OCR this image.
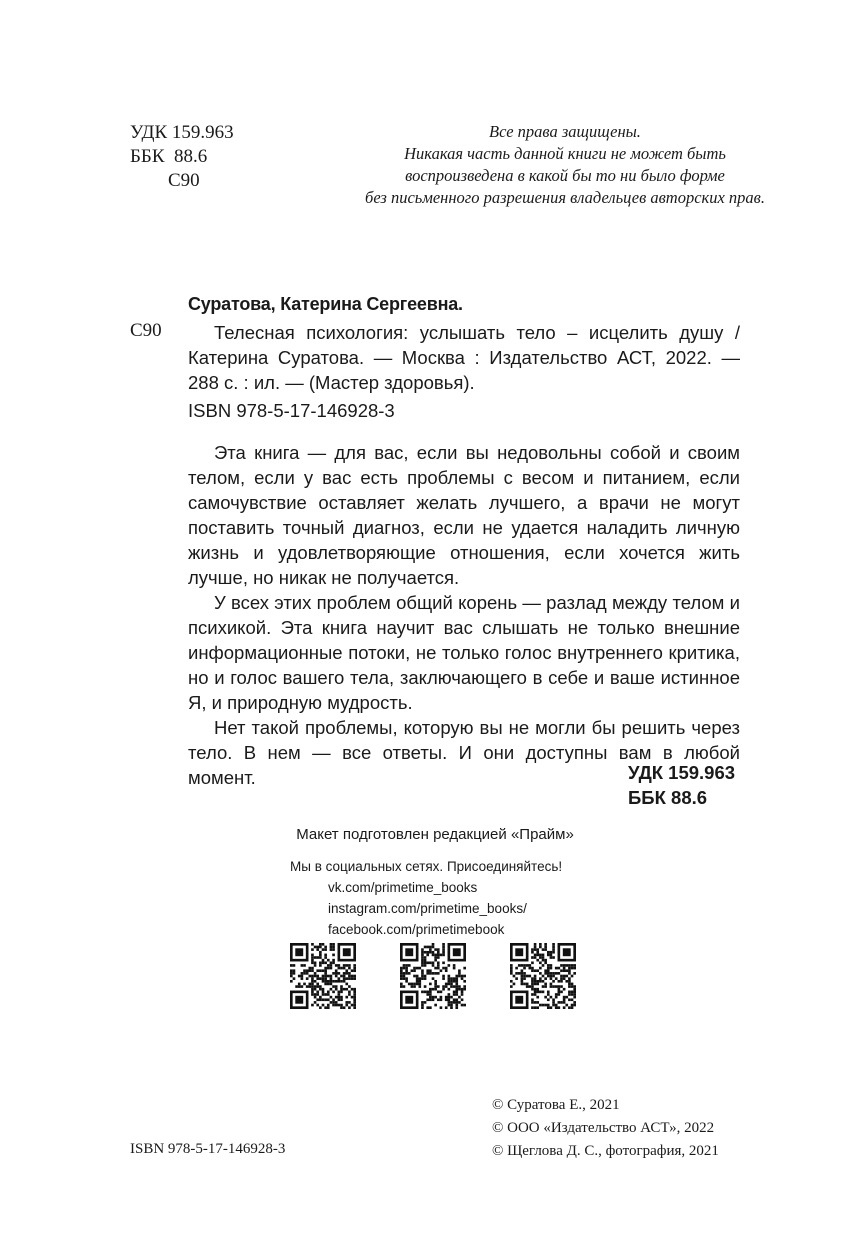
УДК 159.963
ББК  88.6
С90
Все права защищены.
Никакая часть данной книги не может быть
воспроизведена в какой бы то ни было форме
без письменного разрешения владельцев авторских прав.
Суратова, Катерина Сергеевна.
С90	Телесная психология: услышать тело – исцелить душу / Катерина Суратова. — Москва : Издательство АСТ, 2022. — 288 с. : ил. — (Мастер здоровья).

ISBN 978-5-17-146928-3

Эта книга — для вас, если вы недовольны собой и своим телом, если у вас есть проблемы с весом и питанием, если самочувствие оставляет желать лучшего, а врачи не могут поставить точный диагноз, если не удается наладить личную жизнь и удовлетворяющие отношения, если хочется жить лучше, но никак не получается.

У всех этих проблем общий корень — разлад между телом и психикой. Эта книга научит вас слышать не только внешние информационные потоки, не только голос внутреннего критика, но и голос вашего тела, заключающего в себе и ваше истинное Я, и природную мудрость.

Нет такой проблемы, которую вы не могли бы решить через тело. В нем — все ответы. И они доступны вам в любой момент.	УДК 159.963
ББК 88.6
Макет подготовлен редакцией «Прайм»
Мы в социальных сетях. Присоединяйтесь!
vk.com/primetime_books
instagram.com/primetime_books/
facebook.com/primetimebook
© Суратова Е., 2021
© ООО «Издательство АСТ», 2022
© Щеглова Д. С., фотография, 2021
ISBN 978-5-17-146928-3
